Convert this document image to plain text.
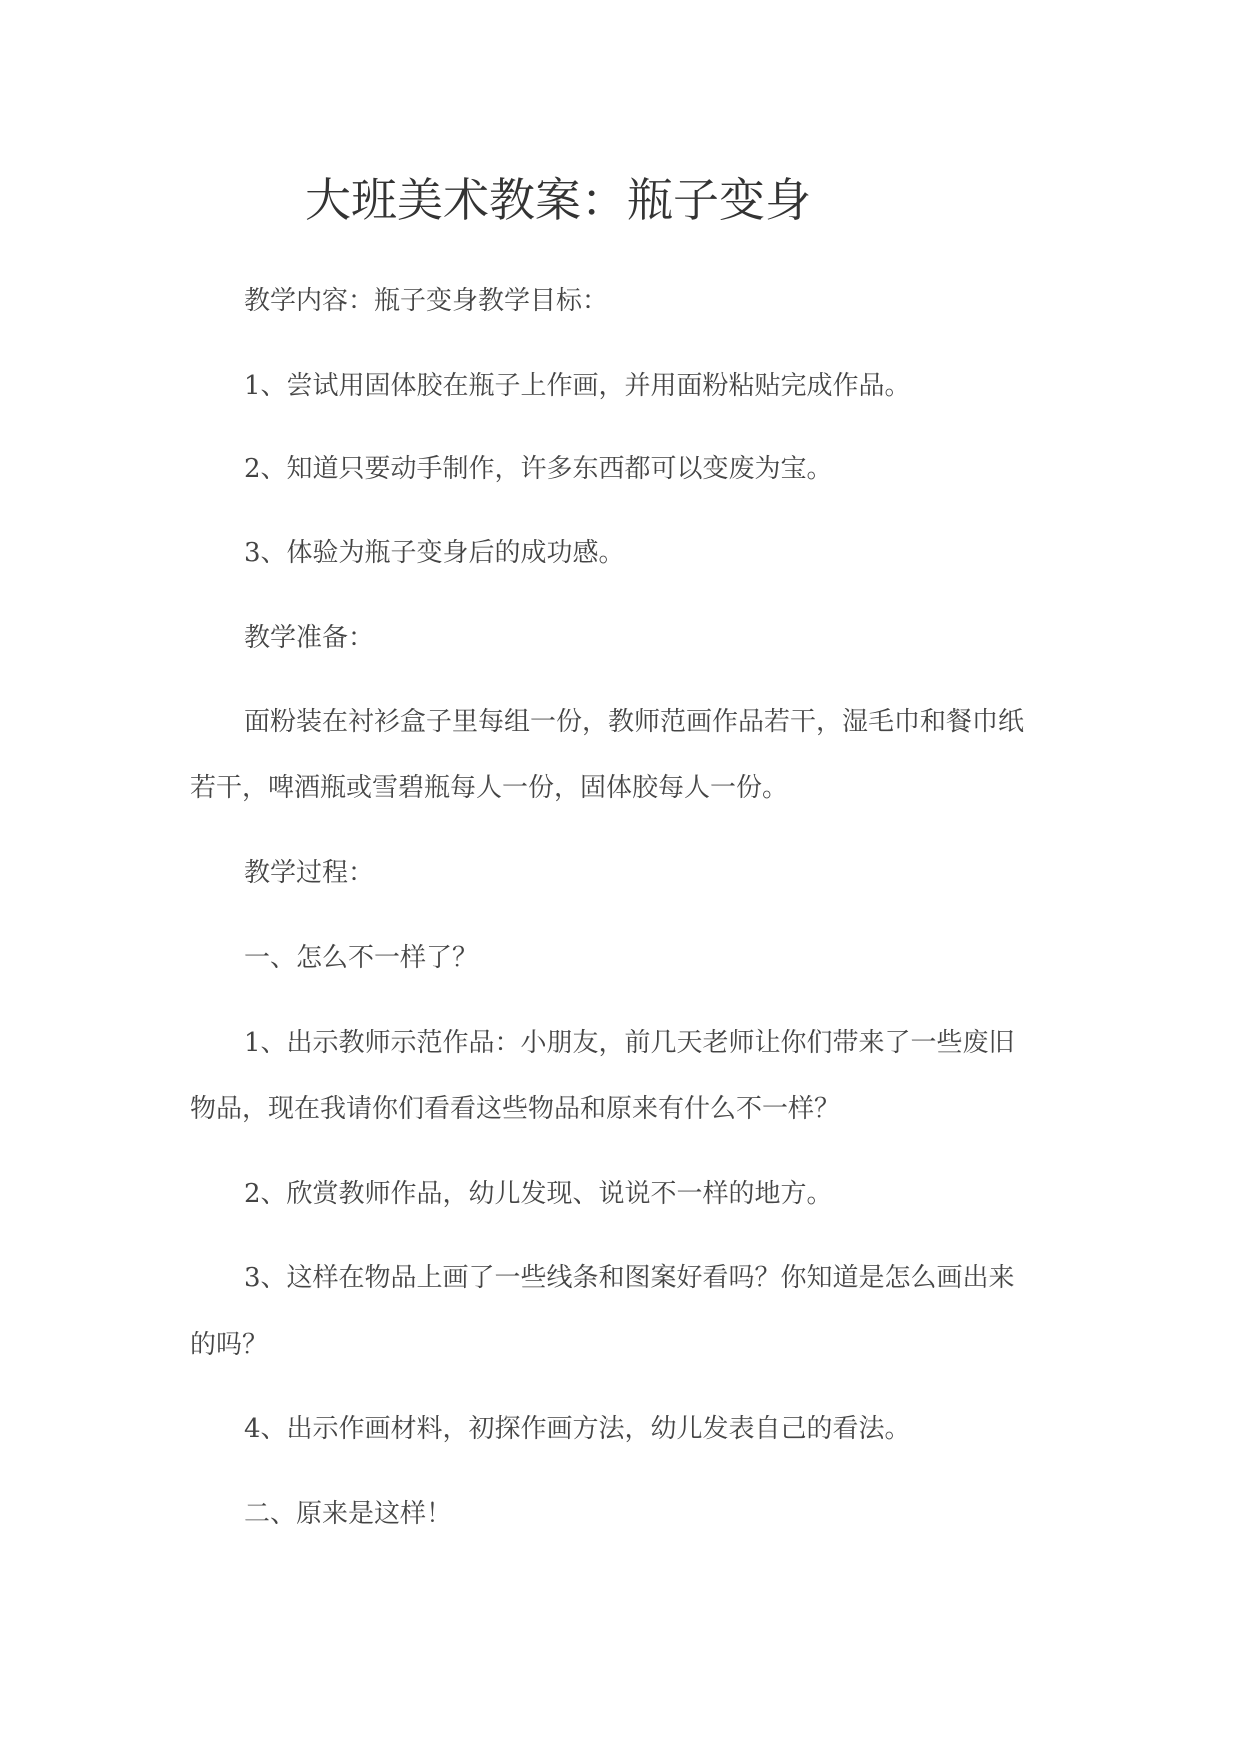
大班美术教案：瓶子变身
教学内容：瓶子变身教学目标：
1、尝试用固体胶在瓶子上作画，并用面粉粘贴完成作品。
2、知道只要动手制作，许多东西都可以变废为宝。
3、体验为瓶子变身后的成功感。
教学准备：
面粉装在衬衫盒子里每组一份，教师范画作品若干，湿毛巾和餐巾纸
若干，啤酒瓶或雪碧瓶每人一份，固体胶每人一份。
教学过程：
一、怎么不一样了？
1、出示教师示范作品：小朋友，前几天老师让你们带来了一些废旧
物品，现在我请你们看看这些物品和原来有什么不一样？
2、欣赏教师作品，幼儿发现、说说不一样的地方。
3、这样在物品上画了一些线条和图案好看吗？你知道是怎么画出来
的吗？
4、出示作画材料，初探作画方法，幼儿发表自己的看法。
二、原来是这样！
